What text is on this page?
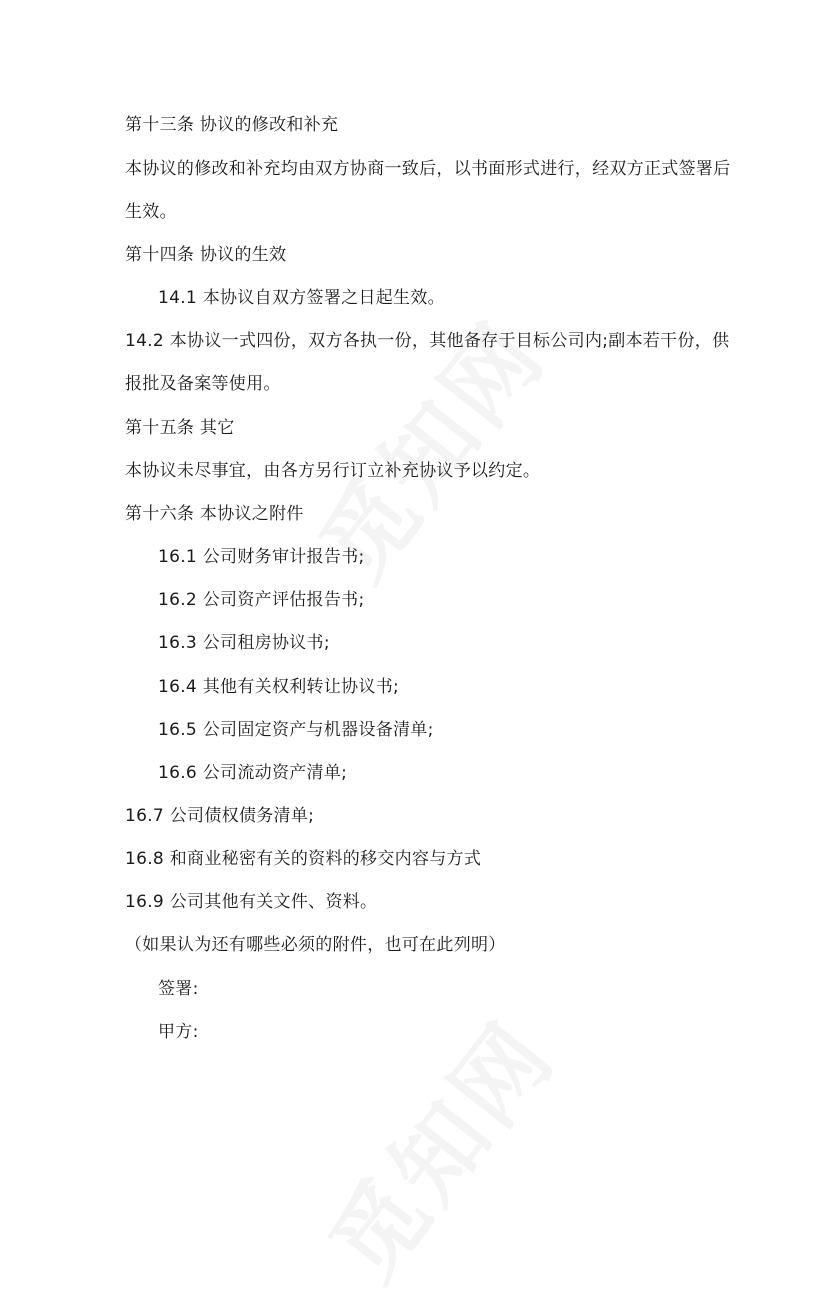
第十三条 协议的修改和补充
本协议的修改和补充均由双方协商一致后，以书面形式进行，经双方正式签署后
生效。
第十四条 协议的生效
14.1 本协议自双方签署之日起生效。
14.2 本协议一式四份，双方各执一份，其他备存于目标公司内;副本若干份，供
报批及备案等使用。
第十五条 其它
本协议未尽事宜，由各方另行订立补充协议予以约定。
第十六条 本协议之附件
16.1 公司财务审计报告书;
16.2 公司资产评估报告书;
16.3 公司租房协议书;
16.4 其他有关权利转让协议书;
16.5 公司固定资产与机器设备清单;
16.6 公司流动资产清单;
16.7 公司债权债务清单;
16.8 和商业秘密有关的资料的移交内容与方式
16.9 公司其他有关文件、资料。
（如果认为还有哪些必须的附件，也可在此列明）
签署:
甲方:
